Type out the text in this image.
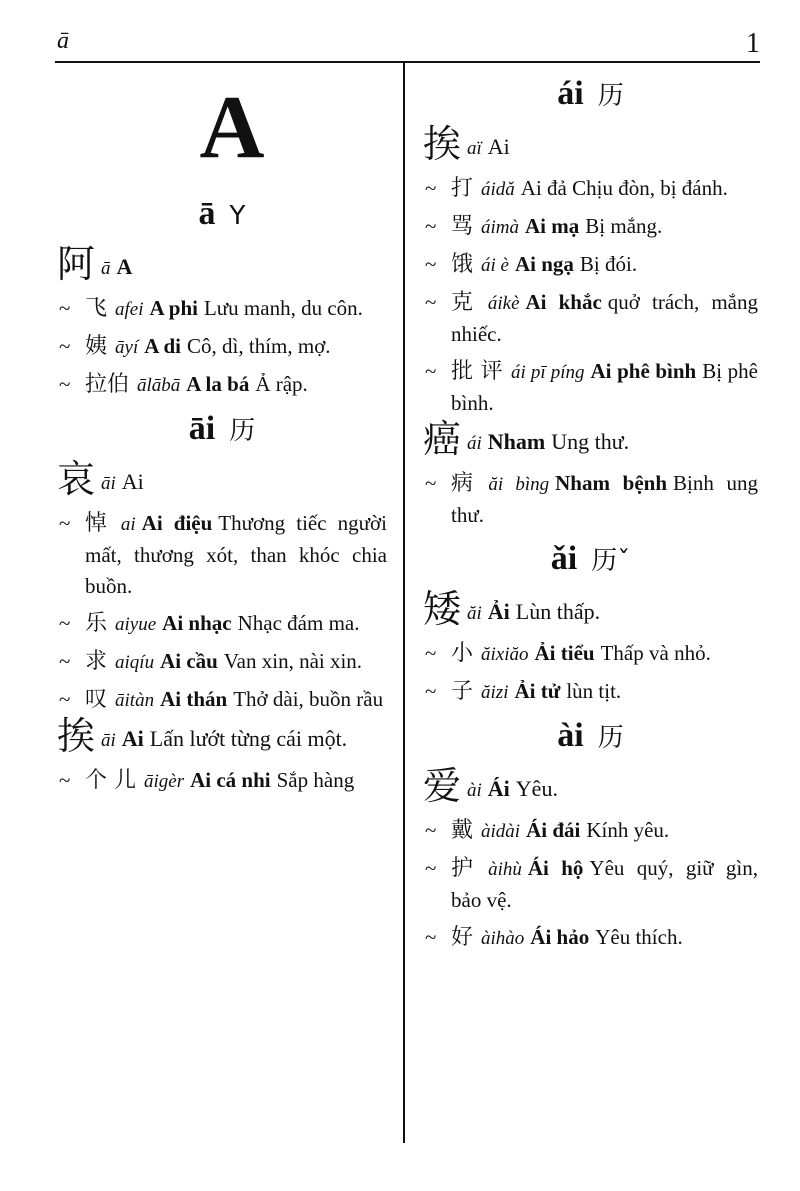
ā	1
A
ā Y
阿ā A
~ 飞 afei A phi Lưu manh, du côn.
~ 姨 āyí A di Cô, dì, thím, mợ.
~ 拉伯 ālābā A la bá Ả rập.
āi 历
哀āi Ai
~ 悼 ai Ai điệu Thương tiếc người mất, thương xót, than khóc chia buồn.
~ 乐 aiyue Ai nhạc Nhạc đám ma.
~ 求 aiqíu Ai cầu Van xin, nài xin.
~ 叹 āitàn Ai thán Thở dài, buồn rầu
挨āi Ai Lấn lướt từng cái một.
~ 个 儿 āigèr Ai cá nhi Sắp hàng
ái 历
挨aï Ai
~ 打 áidǎ Ai đả Chịu đòn, bị đánh.
~ 骂 áimà Ai mạ Bị mắng.
~ 饿 ái è Ai ngạ Bị đói.
~ 克 áikè Ai khắc quở trách, mắng nhiếc.
~ 批 评 ái pī píng Ai phê bình Bị phê bình.
癌ái Nham Ung thư.
~ 病 ăi bìng Nham bệnh Bịnh ung thư.
ǎi 历ˇ
矮ăi Ải Lùn thấp.
~ 小 ăixiăo Ải tiểu Thấp và nhỏ.
~ 子 ăizi Ải tử lùn tịt.
ài 历
爱ài Ái Yêu.
~ 戴 àidài Ái đái Kính yêu.
~ 护 àihù Ái hộ Yêu quý, giữ gìn, bảo vệ.
~ 好 àihào Ái hảo Yêu thích.
